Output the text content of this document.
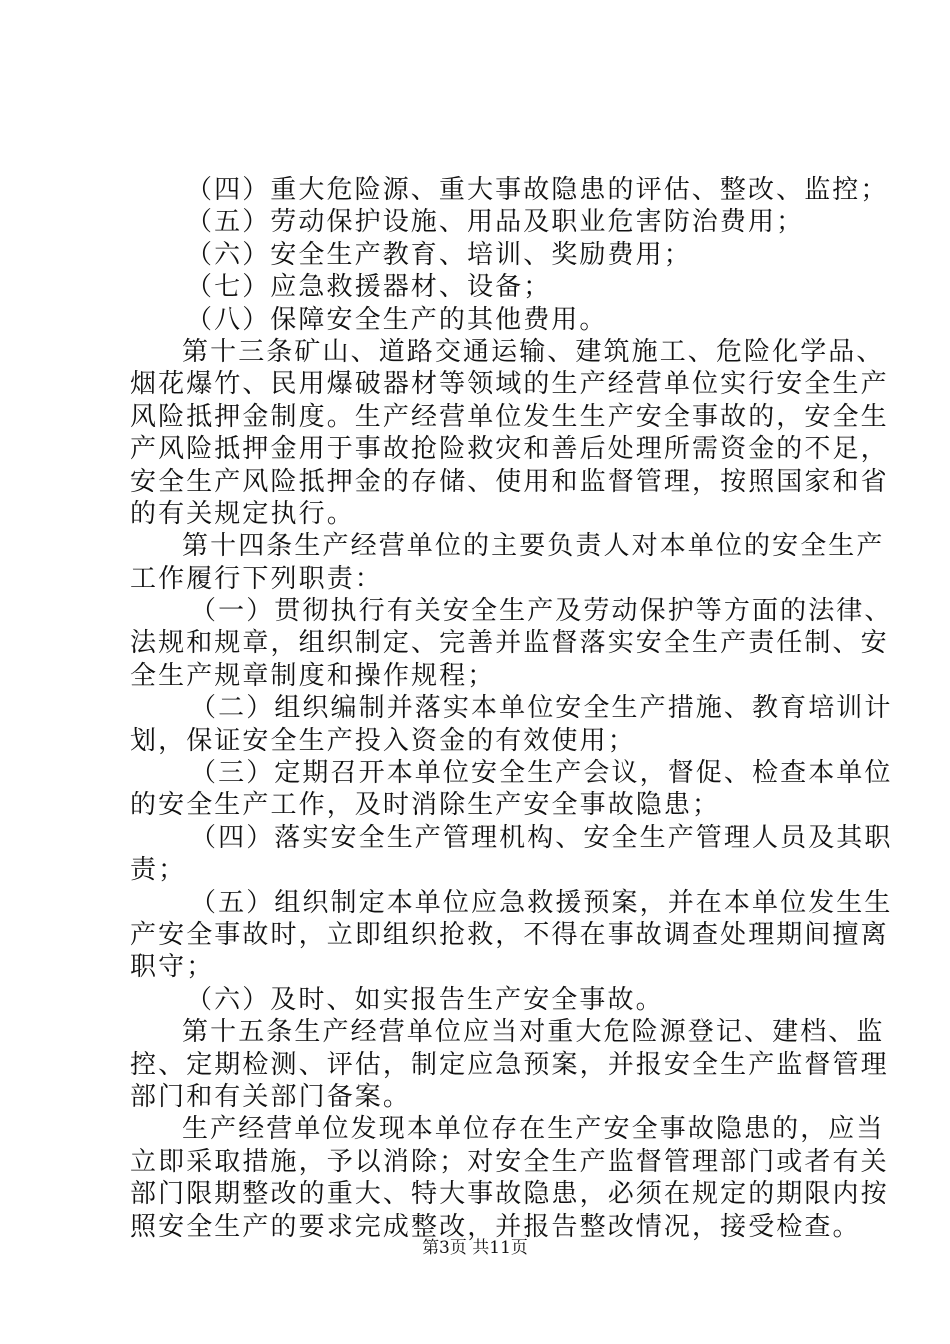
（四）重大危险源、重大事故隐患的评估、整改、监控；
（五）劳动保护设施、用品及职业危害防治费用；
（六）安全生产教育、培训、奖励费用；
（七）应急救援器材、设备；
（八）保障安全生产的其他费用。
第十三条矿山、道路交通运输、建筑施工、危险化学品、
烟花爆竹、民用爆破器材等领域的生产经营单位实行安全生产
风险抵押金制度。生产经营单位发生生产安全事故的，安全生
产风险抵押金用于事故抢险救灾和善后处理所需资金的不足，
安全生产风险抵押金的存储、使用和监督管理，按照国家和省
的有关规定执行。
第十四条生产经营单位的主要负责人对本单位的安全生产
工作履行下列职责：
（一）贯彻执行有关安全生产及劳动保护等方面的法律、
法规和规章，组织制定、完善并监督落实安全生产责任制、安
全生产规章制度和操作规程；
（二）组织编制并落实本单位安全生产措施、教育培训计
划，保证安全生产投入资金的有效使用；
（三）定期召开本单位安全生产会议，督促、检查本单位
的安全生产工作，及时消除生产安全事故隐患；
（四）落实安全生产管理机构、安全生产管理人员及其职
责；
（五）组织制定本单位应急救援预案，并在本单位发生生
产安全事故时，立即组织抢救，不得在事故调查处理期间擅离
职守；
（六）及时、如实报告生产安全事故。
第十五条生产经营单位应当对重大危险源登记、建档、监
控、定期检测、评估，制定应急预案，并报安全生产监督管理
部门和有关部门备案。
生产经营单位发现本单位存在生产安全事故隐患的，应当
立即采取措施，予以消除；对安全生产监督管理部门或者有关
部门限期整改的重大、特大事故隐患，必须在规定的期限内按
照安全生产的要求完成整改，并报告整改情况，接受检查。
第3页 共11页
